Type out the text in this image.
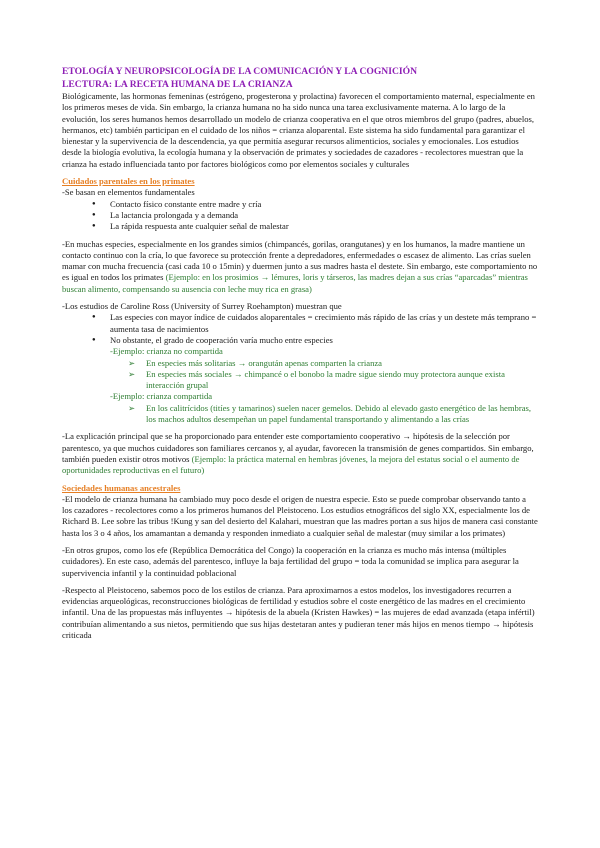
ETOLOGÍA Y NEUROPSICOLOGÍA DE LA COMUNICACIÓN Y LA COGNICIÓN

LECTURA: LA RECETA HUMANA DE LA CRIANZA

Biológicamente, las hormonas femeninas (estrógeno, progesterona y prolactina) favorecen el comportamiento maternal, especialmente en los primeros meses de vida. Sin embargo, la crianza humana no ha sido nunca una tarea exclusivamente materna. A lo largo de la evolución, los seres humanos hemos desarrollado un modelo de crianza cooperativa en el que otros miembros del grupo (padres, abuelos, hermanos, etc) también participan en el cuidado de los niños = crianza aloparental. Este sistema ha sido fundamental para garantizar el bienestar y la supervivencia de la descendencia, ya que permitía asegurar recursos alimenticios, sociales y emocionales. Los estudios desde la biología evolutiva, la ecología humana y la observación de primates y sociedades de cazadores - recolectores muestran que la crianza ha estado influenciada tanto por factores biológicos como por elementos sociales y culturales

Cuidados parentales en los primates

-Se basan en elementos fundamentales

● Contacto físico constante entre madre y cría
● La lactancia prolongada y a demanda
● La rápida respuesta ante cualquier señal de malestar

-En muchas especies, especialmente en los grandes simios (chimpancés, gorilas, orangutanes) y en los humanos, la madre mantiene un contacto continuo con la cría, lo que favorece su protección frente a depredadores, enfermedades o escasez de alimento. Las crías suelen mamar con mucha frecuencia (casi cada 10 o 15min) y duermen junto a sus madres hasta el destete. Sin embargo, este comportamiento no es igual en todos los primates (Ejemplo: en los prosimios → lémures, loris y társeros, las madres dejan a sus crías “aparcadas” mientras buscan alimento, compensando su ausencia con leche muy rica en grasa)

-Los estudios de Caroline Ross (University of Surrey Roehampton) muestran que

● Las especies con mayor índice de cuidados aloparentales = crecimiento más rápido de las crías y un destete más temprano = aumenta tasa de nacimientos
● No obstante, el grado de cooperación varía mucho entre especies

-Ejemplo: crianza no compartida

➢ En especies más solitarias → orangután apenas comparten la crianza
➢ En especies más sociales → chimpancé o el bonobo la madre sigue siendo muy protectora aunque exista interacción grupal

-Ejemplo: crianza compartida

➢ En los calitrícidos (titíes y tamarinos) suelen nacer gemelos. Debido al elevado gasto energético de las hembras, los machos adultos desempeñan un papel fundamental transportando y alimentando a las crías

-La explicación principal que se ha proporcionado para entender este comportamiento cooperativo → hipótesis de la selección por parentesco, ya que muchos cuidadores son familiares cercanos y, al ayudar, favorecen la transmisión de genes compartidos. Sin embargo, también pueden existir otros motivos (Ejemplo: la práctica maternal en hembras jóvenes, la mejora del estatus social o el aumento de oportunidades reproductivas en el futuro)

Sociedades humanas ancestrales

-El modelo de crianza humana ha cambiado muy poco desde el origen de nuestra especie. Esto se puede comprobar observando tanto a los cazadores - recolectores como a los primeros humanos del Pleistoceno. Los estudios etnográficos del siglo XX, especialmente los de Richard B. Lee sobre las tribus !Kung y san del desierto del Kalahari, muestran que las madres portan a sus hijos de manera casi constante hasta los 3 o 4 años, los amamantan a demanda y responden inmediato a cualquier señal de malestar (muy similar a los primates)

-En otros grupos, como los efe (República Democrática del Congo) la cooperación en la crianza es mucho más intensa (múltiples cuidadores). En este caso, además del parentesco, influye la baja fertilidad del grupo = toda la comunidad se implica para asegurar la supervivencia infantil y la continuidad poblacional

-Respecto al Pleistoceno, sabemos poco de los estilos de crianza. Para aproximarnos a estos modelos, los investigadores recurren a evidencias arqueológicas, reconstrucciones biológicas de fertilidad y estudios sobre el coste energético de las madres en el crecimiento infantil. Una de las propuestas más influyentes → hipótesis de la abuela (Kristen Hawkes) = las mujeres de edad avanzada (etapa infértil) contribuían alimentando a sus nietos, permitiendo que sus hijas destetaran antes y pudieran tener más hijos en menos tiempo → hipótesis criticada
